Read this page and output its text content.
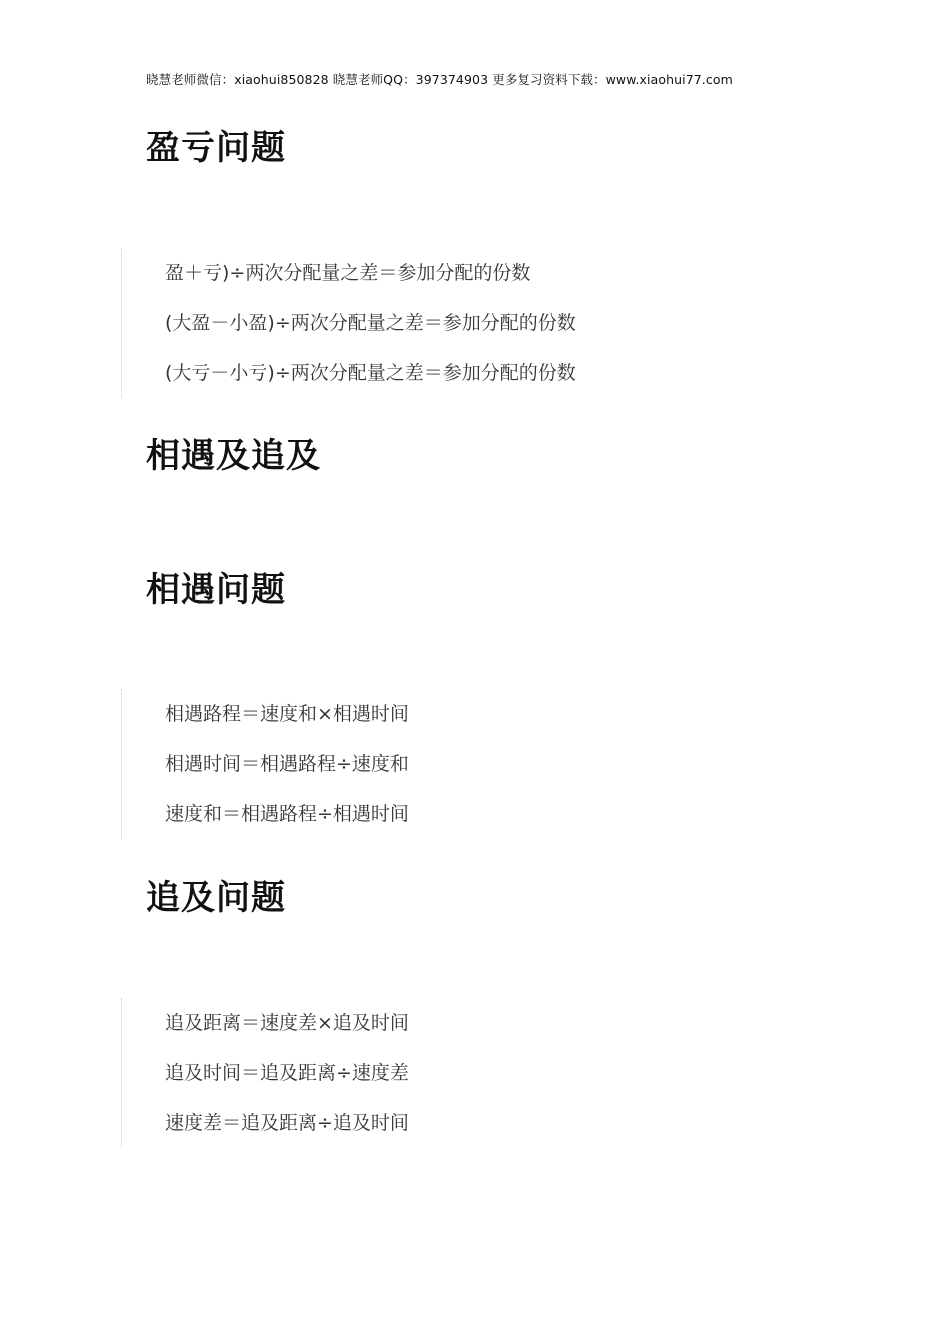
晓慧老师微信：xiaohui850828 晓慧老师QQ：397374903 更多复习资料下载：www.xiaohui77.com
盈亏问题
盈＋亏)÷两次分配量之差＝参加分配的份数
(大盈－小盈)÷两次分配量之差＝参加分配的份数
(大亏－小亏)÷两次分配量之差＝参加分配的份数
相遇及追及
相遇问题
相遇路程＝速度和×相遇时间
相遇时间＝相遇路程÷速度和
速度和＝相遇路程÷相遇时间
追及问题
追及距离＝速度差×追及时间
追及时间＝追及距离÷速度差
速度差＝追及距离÷追及时间
